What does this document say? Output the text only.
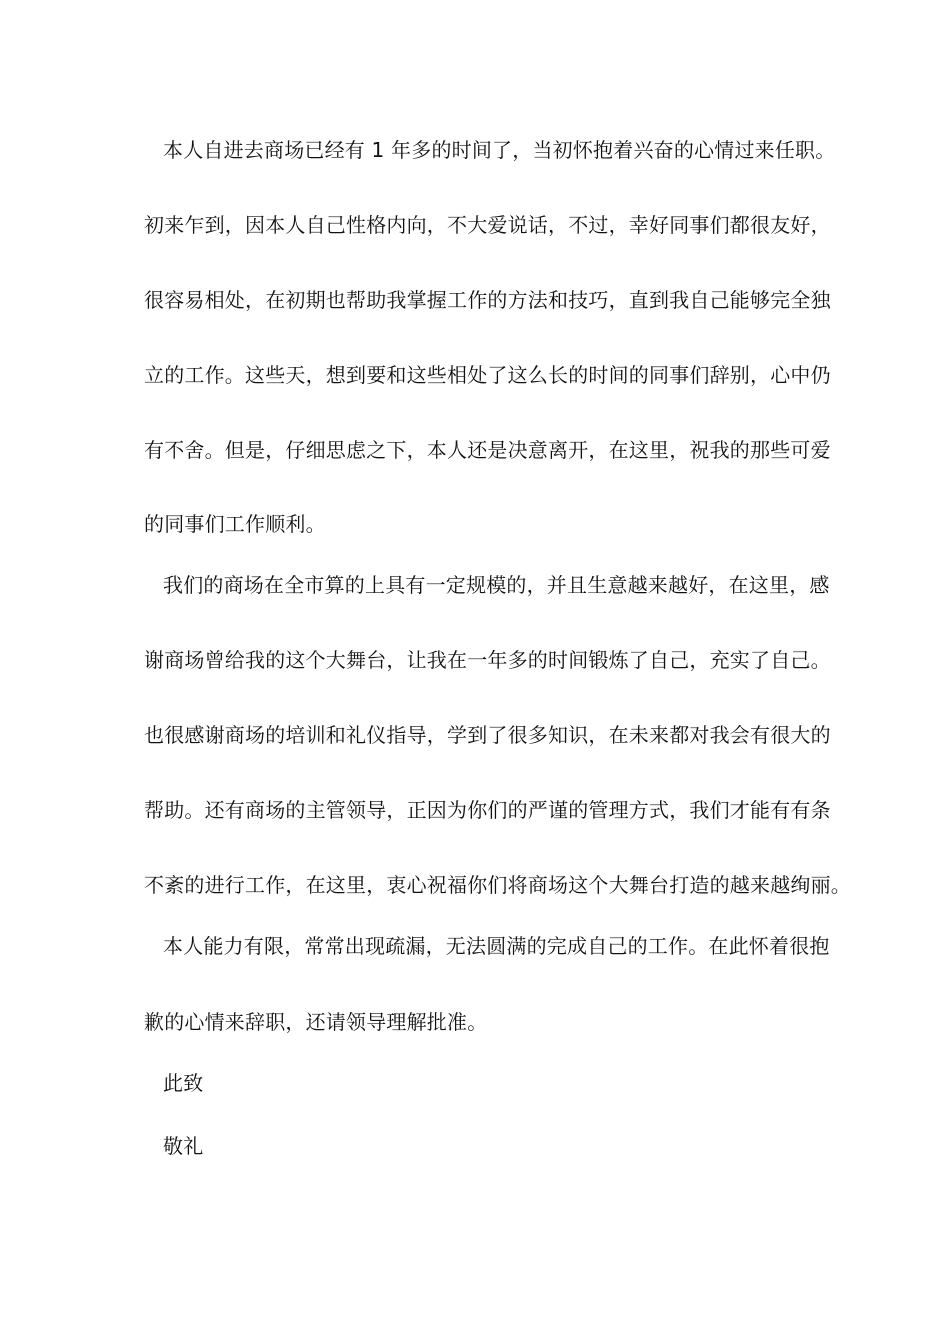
本人自进去商场已经有 1 年多的时间了，当初怀抱着兴奋的心情过来任职。
初来乍到，因本人自己性格内向，不大爱说话，不过，幸好同事们都很友好，
很容易相处，在初期也帮助我掌握工作的方法和技巧，直到我自己能够完全独
立的工作。这些天，想到要和这些相处了这么长的时间的同事们辞别，心中仍
有不舍。但是，仔细思虑之下，本人还是决意离开，在这里，祝我的那些可爱
的同事们工作顺利。
我们的商场在全市算的上具有一定规模的，并且生意越来越好，在这里，感
谢商场曾给我的这个大舞台，让我在一年多的时间锻炼了自己，充实了自己。
也很感谢商场的培训和礼仪指导，学到了很多知识，在未来都对我会有很大的
帮助。还有商场的主管领导，正因为你们的严谨的管理方式，我们才能有有条
不紊的进行工作，在这里，衷心祝福你们将商场这个大舞台打造的越来越绚丽。
本人能力有限，常常出现疏漏，无法圆满的完成自己的工作。在此怀着很抱
歉的心情来辞职，还请领导理解批准。
此致
敬礼
